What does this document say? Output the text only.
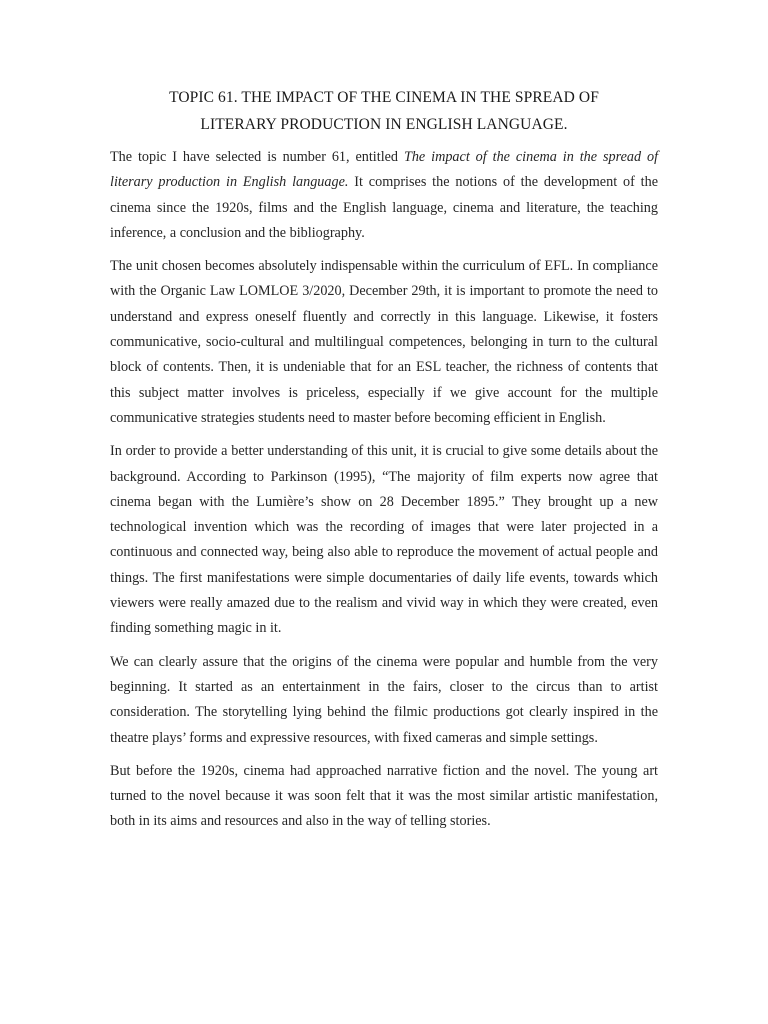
TOPIC 61. THE IMPACT OF THE CINEMA IN THE SPREAD OF
LITERARY PRODUCTION IN ENGLISH LANGUAGE.

The topic I have selected is number 61, entitled The impact of the cinema in the spread of literary production in English language. It comprises the notions of the development of the cinema since the 1920s, films and the English language, cinema and literature, the teaching inference, a conclusion and the bibliography.

The unit chosen becomes absolutely indispensable within the curriculum of EFL. In compliance with the Organic Law LOMLOE 3/2020, December 29th, it is important to promote the need to understand and express oneself fluently and correctly in this language. Likewise, it fosters communicative, socio-cultural and multilingual competences, belonging in turn to the cultural block of contents. Then, it is undeniable that for an ESL teacher, the richness of contents that this subject matter involves is priceless, especially if we give account for the multiple communicative strategies students need to master before becoming efficient in English.

In order to provide a better understanding of this unit, it is crucial to give some details about the background. According to Parkinson (1995), “The majority of film experts now agree that cinema began with the Lumière’s show on 28 December 1895.” They brought up a new technological invention which was the recording of images that were later projected in a continuous and connected way, being also able to reproduce the movement of actual people and things. The first manifestations were simple documentaries of daily life events, towards which viewers were really amazed due to the realism and vivid way in which they were created, even finding something magic in it.

We can clearly assure that the origins of the cinema were popular and humble from the very beginning. It started as an entertainment in the fairs, closer to the circus than to artist consideration. The storytelling lying behind the filmic productions got clearly inspired in the theatre plays’ forms and expressive resources, with fixed cameras and simple settings.

But before the 1920s, cinema had approached narrative fiction and the novel. The young art turned to the novel because it was soon felt that it was the most similar artistic manifestation, both in its aims and resources and also in the way of telling stories.
